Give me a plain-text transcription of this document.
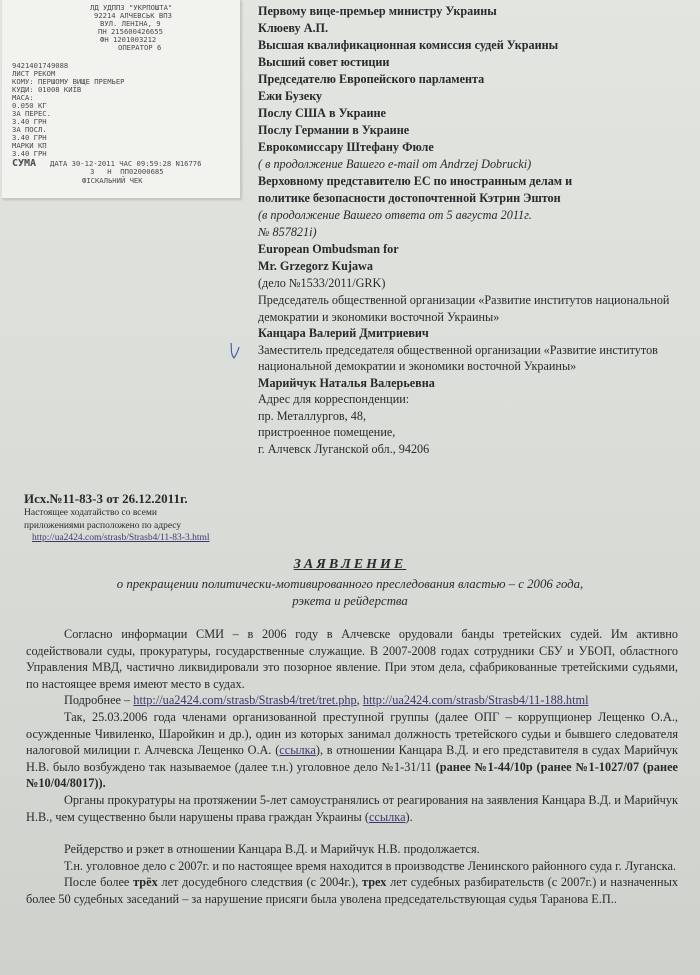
ЛД УДППЗ "УКРПОШТА"
92214 АЛЧЕВСЬК ВПЗ
ВУЛ. ЛЕНІНА, 9
ПН 215600426655
ФН 1201003212
ОПЕРАТОР 6
9421401749088
ЛИСТ РЕКОМ
КОМУ: ПЕРШОМУ ВИЩЕ ПРЕМЬЕР
КУДИ: 01008 КИЇВ
МАСА:
0.050 КГ
ЗА ПЕРЕС.
3.40 ГРН
ЗА ПОСЛ.
3.40 ГРН
МАРКИ КП
3.40 ГРН
СУМА ДАТА 30-12-2011 ЧАС 09:59:28 N16776
3   Н  ПП02000685
ФІСКАЛЬНИЙ ЧЕК
Первому вице-премьер министру Украины
Клюеву А.П.
Высшая квалификационная комиссия судей Украины
Высший совет юстиции
Председателю Европейского парламента
Ежи Бузеку
Послу США в Украине
Послу Германии в Украине
Еврокомиссару Штефану Фюле
( в продолжение Вашего e-mail от Andrzej Dobrucki)
Верховному представителю ЕС по иностранным делам и
политике безопасности достопочтенной Кэтрин Эштон
(в продолжение Вашего ответа от 5 августа 2011г.
№ 857821i)
European Ombudsman for
Mr. Grzegorz Kujawa
(дело №1533/2011/GRK)

Председатель общественной организации «Развитие институтов национальной демократии и экономики восточной Украины»

Канцара Валерий Дмитриевич

Заместитель председателя общественной организации «Развитие институтов национальной демократии и экономики восточной Украины»

Марийчук Наталья Валерьевна

Адрес для корреспонденции:

пр. Металлургов, 48,

пристроенное помещение,

г. Алчевск Луганской обл., 94206

Исх.№11-83-3 от 26.12.2011г.
Настоящее ходатайство со всеми
приложениями расположено по адресу
http://ua2424.com/strasb/Strasb4/11-83-3.html
ЗАЯВЛЕНИЕ
о прекращении политически-мотивированного преследования властью – с 2006 года,
рэкета и рейдерства

Согласно информации СМИ – в 2006 году в Алчевске орудовали банды третейских судей. Им активно содействовали суды, прокуратуры, государственные служащие. В 2007-2008 годах сотрудники СБУ и УБОП, областного Управления МВД, частично ликвидировали это позорное явление. При этом дела, сфабрикованные третейскими судьями, по настоящее время имеют место в судах.

Подробнее – http://ua2424.com/strasb/Strasb4/tret/tret.php, http://ua2424.com/strasb/Strasb4/11-188.html

Так, 25.03.2006 года членами организованной преступной группы (далее ОПГ – коррупционер Лещенко О.А., осужденные Чивиленко, Шаройкин и др.), один из которых занимал должность третейского судьи и бывшего следователя налоговой милиции г. Алчевска Лещенко О.А. (ссылка), в отношении Канцара В.Д. и его представителя в судах Марийчук Н.В. было возбуждено так называемое (далее т.н.) уголовное дело №1-31/11 (ранее №1-44/10р (ранее №1-1027/07 (ранее №10/04/8017)).

Органы прокуратуры на протяжении 5-лет самоустранялись от реагирования на заявления Канцара В.Д. и Марийчук Н.В., чем существенно были нарушены права граждан Украины (ссылка).

Рейдерство и рэкет в отношении Канцара В.Д. и Марийчук Н.В. продолжается.

Т.н. уголовное дело с 2007г. и по настоящее время находится в производстве Ленинского районного суда г. Луганска.

После более трёх лет досудебного следствия (с 2004г.), трех лет судебных разбирательств (с 2007г.) и назначенных более 50 судебных заседаний – за нарушение присяги была уволена председательствующая судья Таранова Е.П..
